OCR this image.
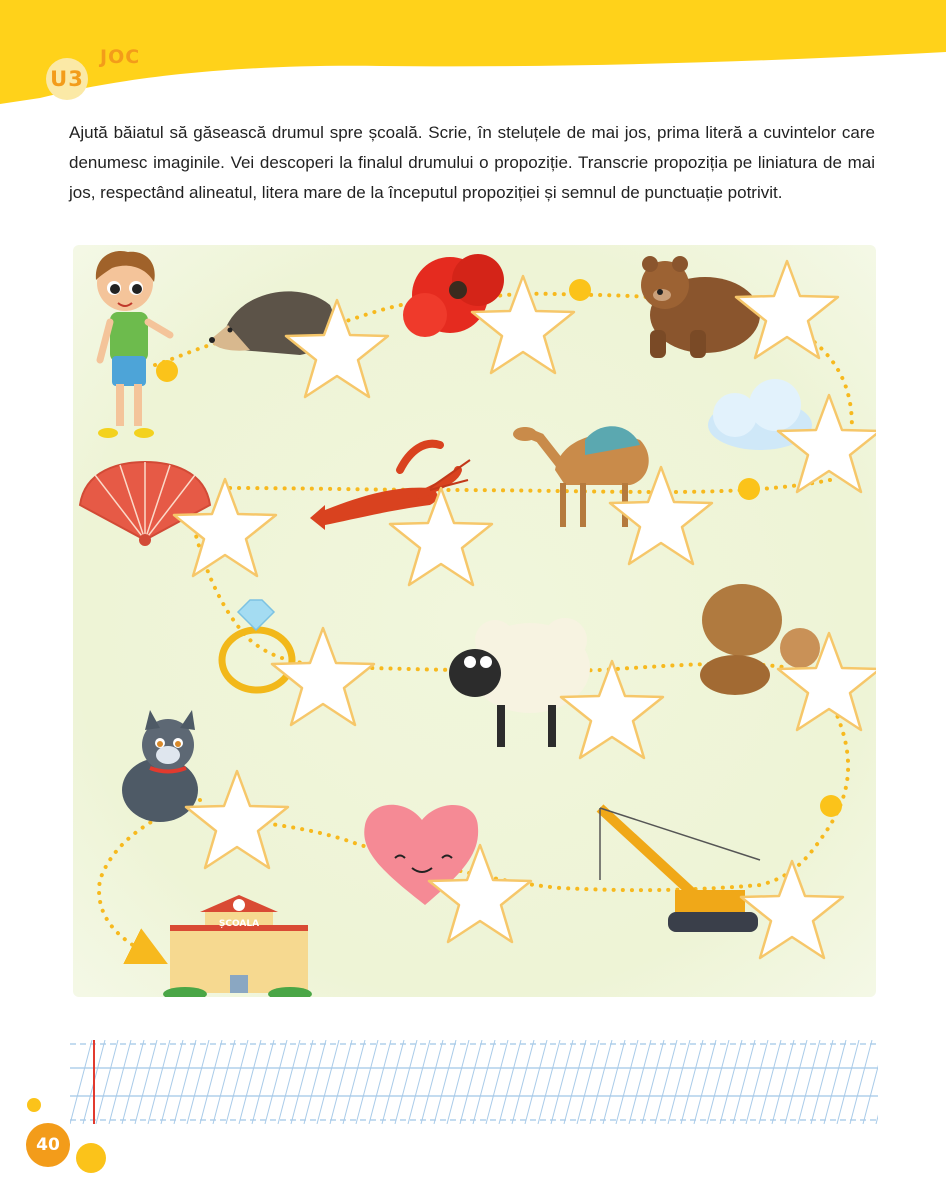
U3
JOC
Ajută băiatul să găsească drumul spre școală. Scrie, în steluțele de mai jos, prima literă a cuvintelor care denumesc imaginile. Vei descoperi la finalul drumului o propoziție. Transcrie propoziția pe liniatura de mai jos, respectând alineatul, litera mare de la începutul propoziției și semnul de punctuație potrivit.
ȘCOALA
40
